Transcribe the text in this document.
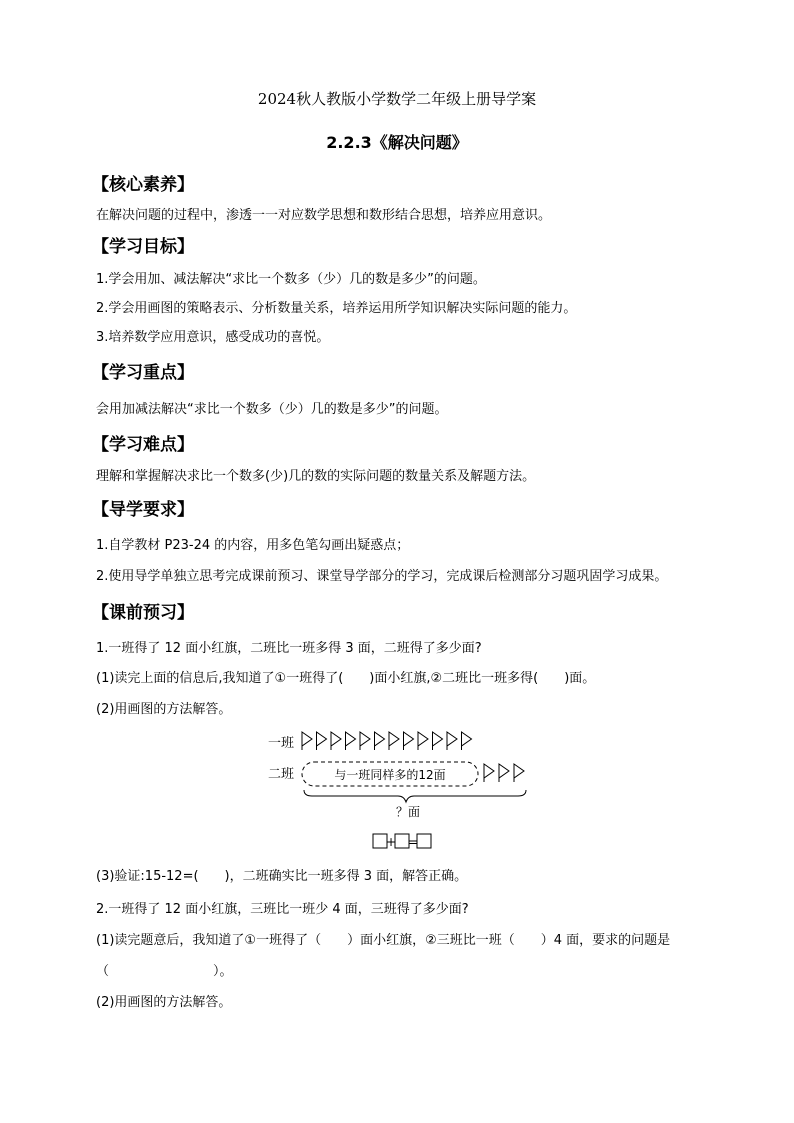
2024秋人教版小学数学二年级上册导学案
2.2.3《解决问题》
【核心素养】
在解决问题的过程中，渗透一一对应数学思想和数形结合思想，培养应用意识。
【学习目标】
1.学会用加、减法解决“求比一个数多（少）几的数是多少”的问题。
2.学会用画图的策略表示、分析数量关系，培养运用所学知识解决实际问题的能力。
3.培养数学应用意识，感受成功的喜悦。
【学习重点】
会用加减法解决“求比一个数多（少）几的数是多少”的问题。
【学习难点】
理解和掌握解决求比一个数多(少)几的数的实际问题的数量关系及解题方法。
【导学要求】
1.自学教材 P23-24 的内容，用多色笔勾画出疑惑点；
2.使用导学单独立思考完成课前预习、课堂导学部分的学习，完成课后检测部分习题巩固学习成果。
【课前预习】
1.一班得了 12 面小红旗，二班比一班多得 3 面，二班得了多少面?
(1)读完上面的信息后,我知道了①一班得了(　　)面小红旗,②二班比一班多得(　　)面。
(2)用画图的方法解答。
一班
二班	与一班同样多的12面
？面
+ =
(3)验证:15-12=(　　)，二班确实比一班多得 3 面，解答正确。
2.一班得了 12 面小红旗，三班比一班少 4 面，三班得了多少面?
(1)读完题意后，我知道了①一班得了（　　）面小红旗，②三班比一班（　　）4 面，要求的问题是
（　　　　　　　　）。
(2)用画图的方法解答。
